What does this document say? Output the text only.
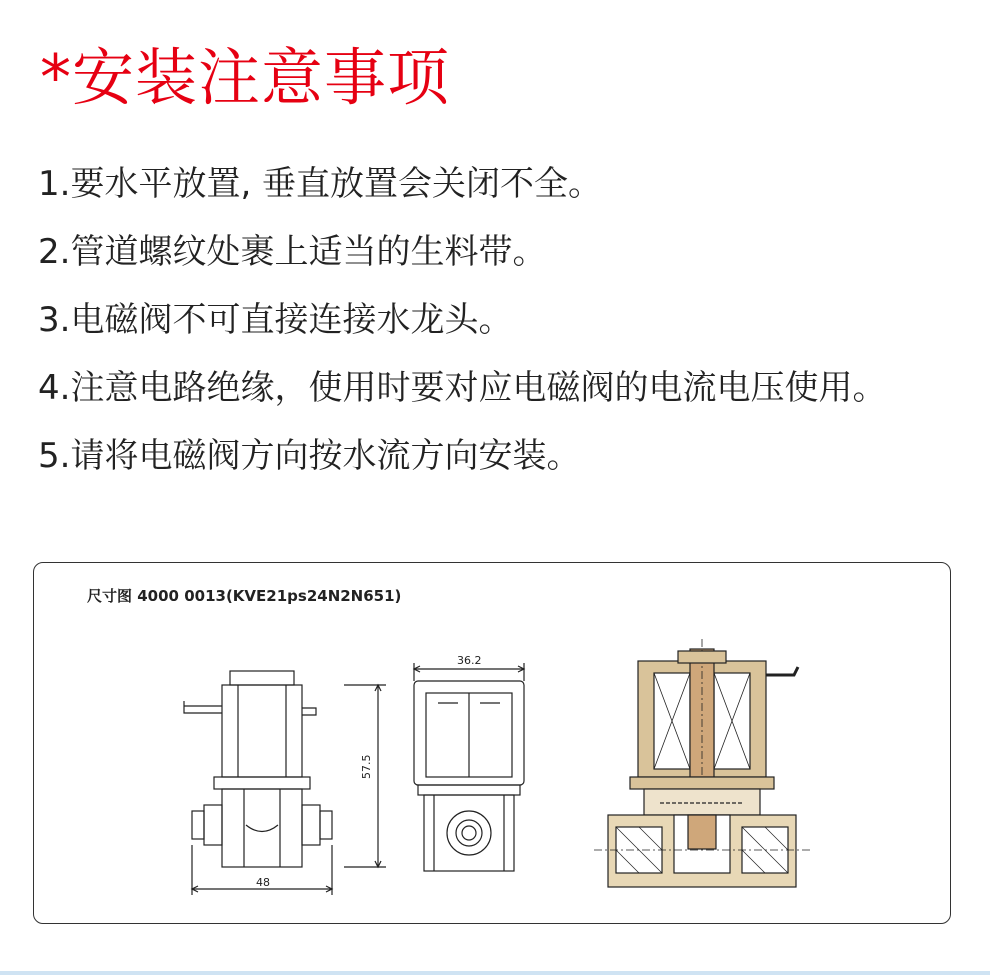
*安装注意事项
1.要水平放置, 垂直放置会关闭不全。
2.管道螺纹处裹上适当的生料带。
3.电磁阀不可直接连接水龙头。
4.注意电路绝缘，使用时要对应电磁阀的电流电压使用。
5.请将电磁阀方向按水流方向安装。
尺寸图 4000 0013(KVE21ps24N2N651)
57.5
48
36.2
